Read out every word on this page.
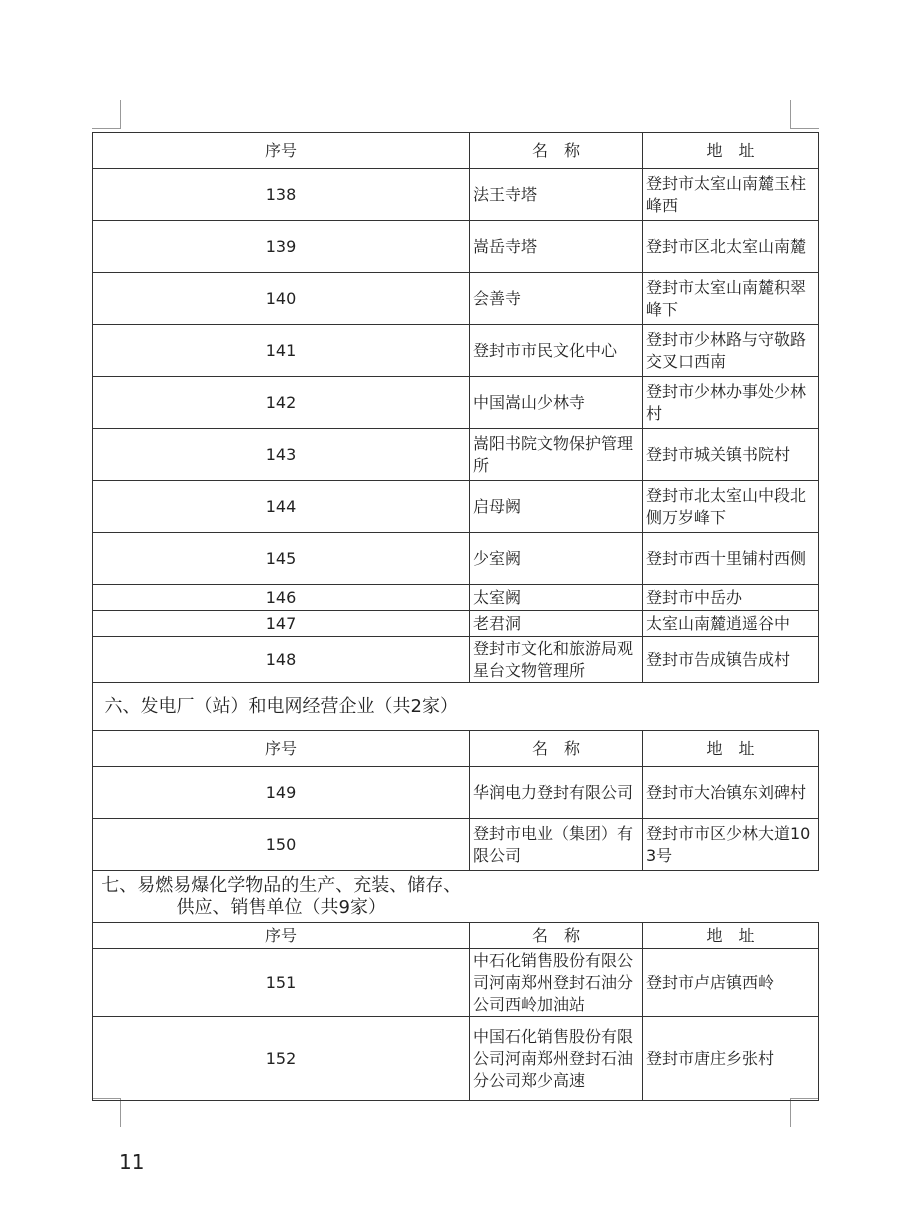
序号	名　称	地　址
138	法王寺塔	登封市太室山南麓玉柱峰西
139	嵩岳寺塔	登封市区北太室山南麓
140	会善寺	登封市太室山南麓积翠峰下
141	登封市市民文化中心	登封市少林路与守敬路交叉口西南
142	中国嵩山少林寺	登封市少林办事处少林村
143	嵩阳书院文物保护管理所	登封市城关镇书院村
144	启母阙	登封市北太室山中段北侧万岁峰下
145	少室阙	登封市西十里铺村西侧
146	太室阙	登封市中岳办
147	老君洞	太室山南麓逍遥谷中
148	登封市文化和旅游局观星台文物管理所	登封市告成镇告成村
六、发电厂（站）和电网经营企业（共2家）		
序号	名　称	地　址
149	华润电力登封有限公司	登封市大冶镇东刘碑村
150	登封市电业（集团）有限公司	登封市市区少林大道103号
七、易燃易爆化学物品的生产、充装、储存、供应、销售单位（共9家）		
序号	名　称	地　址
151	中石化销售股份有限公司河南郑州登封石油分公司西岭加油站	登封市卢店镇西岭
152	中国石化销售股份有限公司河南郑州登封石油分公司郑少高速	登封市唐庄乡张村
11
